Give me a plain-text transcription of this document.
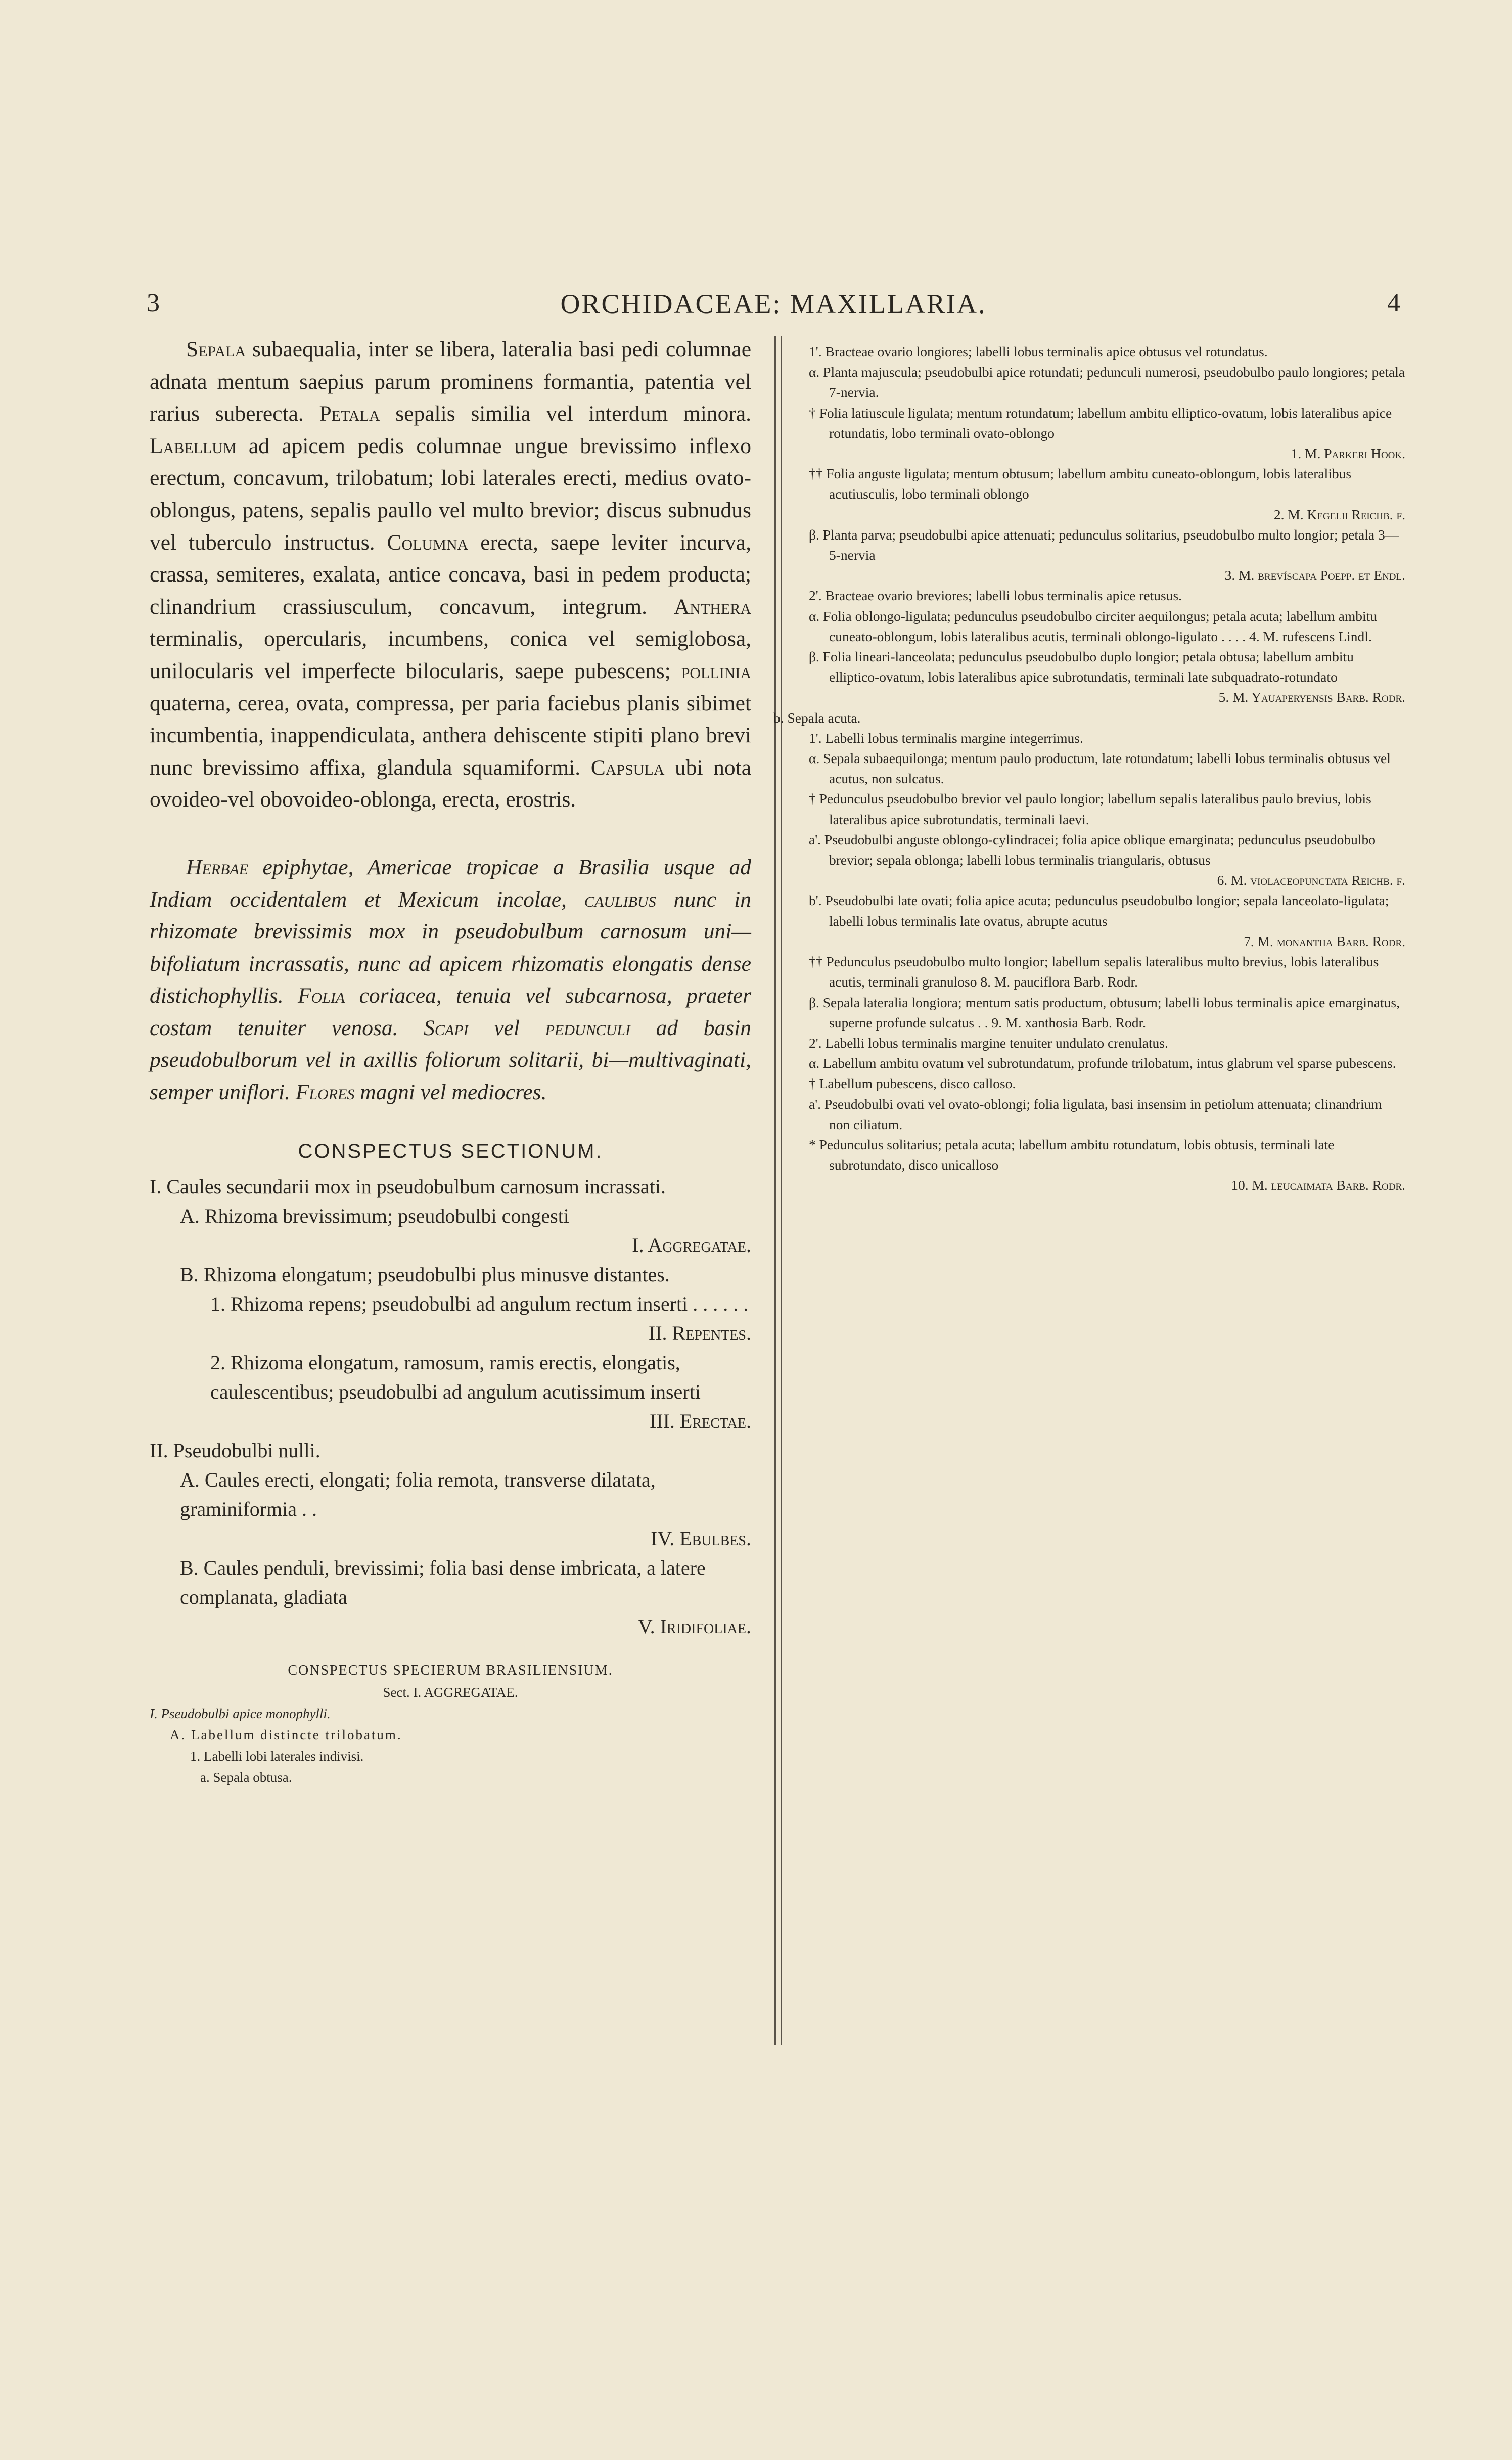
3	ORCHIDACEAE: MAXILLARIA.	4

Sepala subaequalia, inter se libera, lateralia basi pedi columnae adnata mentum saepius parum prominens formantia, patentia vel rarius suberecta. Petala sepalis similia vel interdum minora. Labellum ad apicem pedis columnae ungue brevissimo inflexo erectum, concavum, trilobatum; lobi laterales erecti, medius ovato-oblongus, patens, sepalis paullo vel multo brevior; discus subnudus vel tuberculo instructus. Columna erecta, saepe leviter incurva, crassa, semiteres, exalata, antice concava, basi in pedem producta; clinandrium crassiusculum, concavum, integrum. Anthera terminalis, opercularis, incumbens, conica vel semiglobosa, unilocularis vel imperfecte bilocularis, saepe pubescens; pollinia quaterna, cerea, ovata, compressa, per paria faciebus planis sibimet incumbentia, inappendiculata, anthera dehiscente stipiti plano brevi nunc brevissimo affixa, glandula squamiformi. Capsula ubi nota ovoideo-vel obovoideo-oblonga, erecta, erostris.

Herbae epiphytae, Americae tropicae a Brasilia usque ad Indiam occidentalem et Mexicum incolae, caulibus nunc in rhizomate brevissimis mox in pseudobulbum carnosum uni—bifoliatum incrassatis, nunc ad apicem rhizomatis elongatis dense distichophyllis. Folia coriacea, tenuia vel subcarnosa, praeter costam tenuiter venosa. Scapi vel pedunculi ad basin pseudobulborum vel in axillis foliorum solitarii, bi—multivaginati, semper uniflori. Flores magni vel mediocres.

CONSPECTUS SECTIONUM.
I. Caules secundarii mox in pseudobulbum carnosum incrassati.
A. Rhizoma brevissimum; pseudobulbi congesti
I. Aggregatae.
B. Rhizoma elongatum; pseudobulbi plus minusve distantes.
1. Rhizoma repens; pseudobulbi ad angulum rectum inserti . . . . . .
II. Repentes.
2. Rhizoma elongatum, ramosum, ramis erectis, elongatis, caulescentibus; pseudobulbi ad angulum acutissimum inserti
III. Erectae.
II. Pseudobulbi nulli.
A. Caules erecti, elongati; folia remota, transverse dilatata, graminiformia . .
IV. Ebulbes.
B. Caules penduli, brevissimi; folia basi dense imbricata, a latere complanata, gladiata
V. Iridifoliae.
CONSPECTUS SPECIERUM BRASILIENSIUM.
Sect. I. AGGREGATAE.
I. Pseudobulbi apice monophylli.
A. Labellum distincte trilobatum.
1. Labelli lobi laterales indivisi.
a. Sepala obtusa.
1'. Bracteae ovario longiores; labelli lobus terminalis apice obtusus vel rotundatus.
α. Planta majuscula; pseudobulbi apice rotundati; pedunculi numerosi, pseudobulbo paulo longiores; petala 7-nervia.
† Folia latiuscule ligulata; mentum rotundatum; labellum ambitu elliptico-ovatum, lobis lateralibus apice rotundatis, lobo terminali ovato-oblongo
1. M. Parkeri Hook.
†† Folia anguste ligulata; mentum obtusum; labellum ambitu cuneato-oblongum, lobis lateralibus acutiusculis, lobo terminali oblongo
2. M. Kegelii Reichb. f.
β. Planta parva; pseudobulbi apice attenuati; pedunculus solitarius, pseudobulbo multo longior; petala 3—5-nervia
3. M. brevíscapa Poepp. et Endl.
2'. Bracteae ovario breviores; labelli lobus terminalis apice retusus.
α. Folia oblongo-ligulata; pedunculus pseudobulbo circiter aequilongus; petala acuta; labellum ambitu cuneato-oblongum, lobis lateralibus acutis, terminali oblongo-ligulato . . . . 4. M. rufescens Lindl.
β. Folia lineari-lanceolata; pedunculus pseudobulbo duplo longior; petala obtusa; labellum ambitu elliptico-ovatum, lobis lateralibus apice subrotundatis, terminali late subquadrato-rotundato
5. M. Yauaperyensis Barb. Rodr.
b. Sepala acuta.
1'. Labelli lobus terminalis margine integerrimus.
α. Sepala subaequilonga; mentum paulo productum, late rotundatum; labelli lobus terminalis obtusus vel acutus, non sulcatus.
† Pedunculus pseudobulbo brevior vel paulo longior; labellum sepalis lateralibus paulo brevius, lobis lateralibus apice subrotundatis, terminali laevi.
a'. Pseudobulbi anguste oblongo-cylindracei; folia apice oblique emarginata; pedunculus pseudobulbo brevior; sepala oblonga; labelli lobus terminalis triangularis, obtusus
6. M. violaceopunctata Reichb. f.
b'. Pseudobulbi late ovati; folia apice acuta; pedunculus pseudobulbo longior; sepala lanceolato-ligulata; labelli lobus terminalis late ovatus, abrupte acutus
7. M. monantha Barb. Rodr.
†† Pedunculus pseudobulbo multo longior; labellum sepalis lateralibus multo brevius, lobis lateralibus acutis, terminali granuloso 8. M. pauciflora Barb. Rodr.
β. Sepala lateralia longiora; mentum satis productum, obtusum; labelli lobus terminalis apice emarginatus, superne profunde sulcatus . . 9. M. xanthosia Barb. Rodr.
2'. Labelli lobus terminalis margine tenuiter undulato crenulatus.
α. Labellum ambitu ovatum vel subrotundatum, profunde trilobatum, intus glabrum vel sparse pubescens.
† Labellum pubescens, disco calloso.
a'. Pseudobulbi ovati vel ovato-oblongi; folia ligulata, basi insensim in petiolum attenuata; clinandrium non ciliatum.
* Pedunculus solitarius; petala acuta; labellum ambitu rotundatum, lobis obtusis, terminali late subrotundato, disco unicalloso
10. M. leucaimata Barb. Rodr.
